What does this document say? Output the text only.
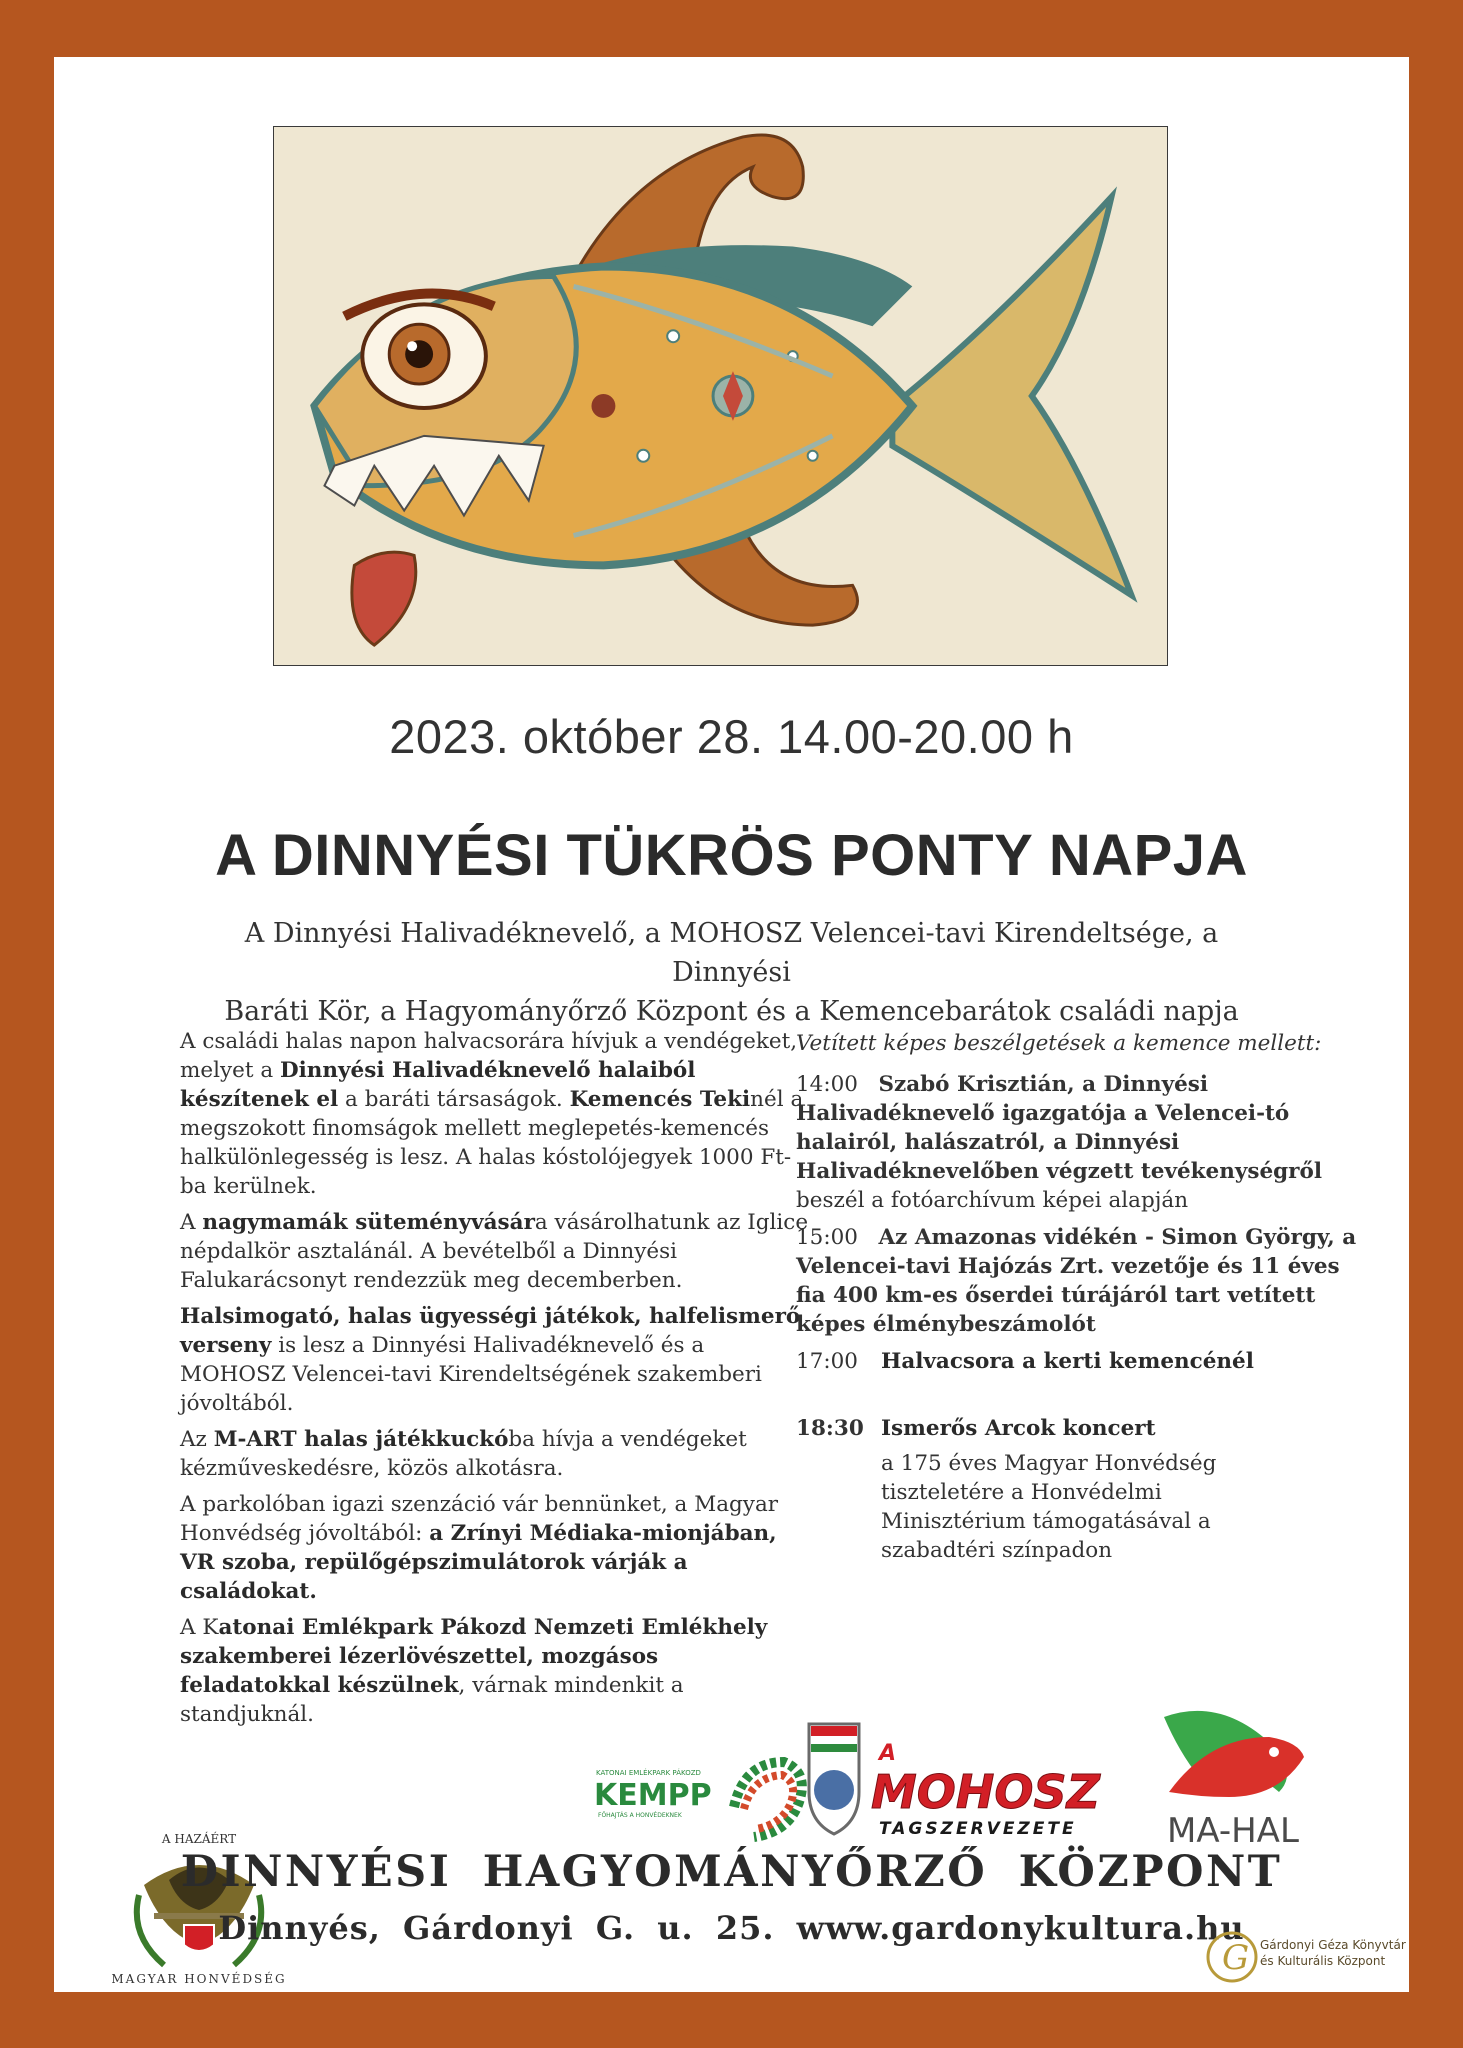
2023. október 28. 14.00-20.00 h
A DINNYÉSI TÜKRÖS PONTY NAPJA
A Dinnyési Halivadéknevelő, a MOHOSZ Velencei-tavi Kirendeltsége, a Dinnyési
Baráti Kör, a Hagyományőrző Központ és a Kemencebarátok családi napja

A családi halas napon halvacsorára hívjuk a vendégeket, melyet a Dinnyési Halivadéknevelő halaiból készítenek el a baráti társaságok. Kemencés Tekinél a megszokott finomságok mellett meglepetés-kemencés halkülönlegesség is lesz. A halas kóstolójegyek 1000 Ft-ba kerülnek.

A nagymamák süteményvására vásárolhatunk az Iglice népdalkör asztalánál. A bevételből a Dinnyési Falukarácsonyt rendezzük meg decemberben.

Halsimogató, halas ügyességi játékok, halfelismerő verseny is lesz a Dinnyési Halivadéknevelő és a MOHOSZ Velencei-tavi Kirendeltségének szakemberi jóvoltából.

Az M-ART halas játékkuckóba hívja a vendégeket kézműveskedésre, közös alkotásra.

A parkolóban igazi szenzáció vár bennünket, a Magyar Honvédség jóvoltából: a Zrínyi Médiaka-mionjában, VR szoba, repülőgépszimulátorok várják a családokat.

A Katonai Emlékpark Pákozd Nemzeti Emlékhely szakemberei lézerlövészettel, mozgásos feladatokkal készülnek, várnak mindenkit a standjuknál.

Vetített képes beszélgetések a kemence mellett:
14:00 Szabó Krisztián, a Dinnyési Halivadéknevelő igazgatója a Velencei-tó halairól, halászatról, a Dinnyési Halivadéknevelőben végzett tevékenységről beszél a fotóarchívum képei alapján
15:00 Az Amazonas vidékén - Simon György, a Velencei-tavi Hajózás Zrt. vezetője és 11 éves fia 400 km-es őserdei túrájáról tart vetített képes élménybeszámolót
17:00	Halvacsora a kerti kemencénél
18:30 Ismerős Arcok koncert
a 175 éves Magyar Honvédség tiszteletére a Honvédelmi Minisztérium támogatásával a szabadtéri színpadon
KATONAI EMLÉKPARK PÁKOZD
KEMPP
FŐHAJTÁS A HONVÉDEKNEK
A
MOHOSZ
TAGSZERVEZETE	MA-HAL
A HAZÁÉRT
MAGYAR HONVÉDSÉG
DINNYÉSI HAGYOMÁNYŐRZŐ KÖZPONT
Dinnyés, Gárdonyi G. u. 25. www.gardonykultura.hu
G Gárdonyi Géza Könyvtár
és Kulturális Központ
